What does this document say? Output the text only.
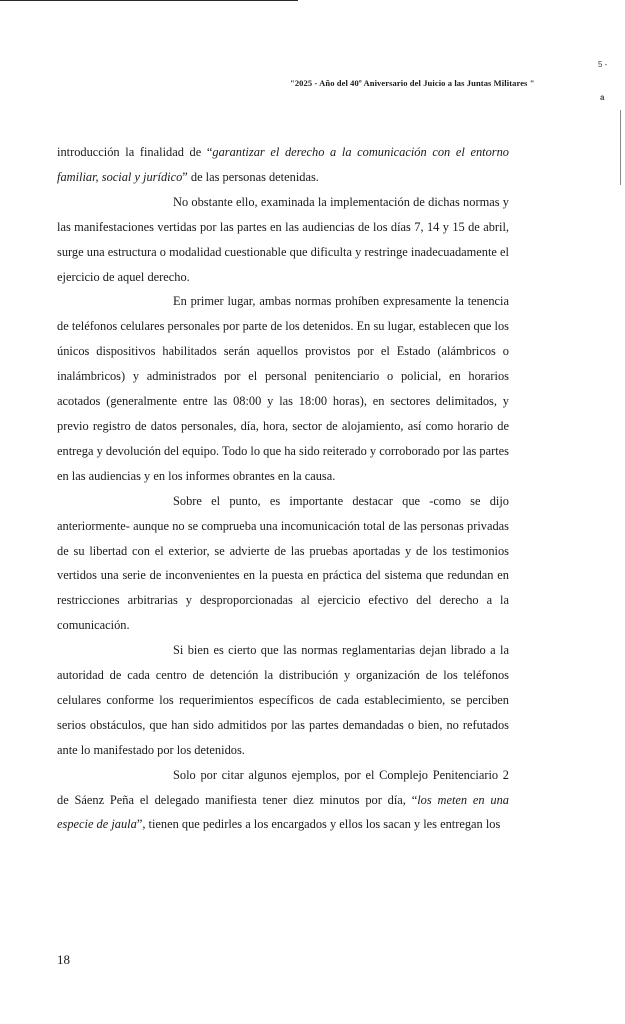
5 -
a
"2025 - Año del 40º Aniversario del Juicio a las Juntas Militares "

introducción la finalidad de “garantizar el derecho a la comunicación con el entorno familiar, social y jurídico” de las personas detenidas.

No obstante ello, examinada la implementación de dichas normas y las manifestaciones vertidas por las partes en las audiencias de los días 7, 14 y 15 de abril, surge una estructura o modalidad cuestionable que dificulta y restringe inadecuadamente el ejercicio de aquel derecho.

En primer lugar, ambas normas prohíben expresamente la tenencia de teléfonos celulares personales por parte de los detenidos. En su lugar, establecen que los únicos dispositivos habilitados serán aquellos provistos por el Estado (alámbricos o inalámbricos) y administrados por el personal penitenciario o policial, en horarios acotados (generalmente entre las 08:00 y las 18:00 horas), en sectores delimitados, y previo registro de datos personales, día, hora, sector de alojamiento, así como horario de entrega y devolución del equipo. Todo lo que ha sido reiterado y corroborado por las partes en las audiencias y en los informes obrantes en la causa.

Sobre el punto, es importante destacar que -como se dijo anteriormente- aunque no se comprueba una incomunicación total de las personas privadas de su libertad con el exterior, se advierte de las pruebas aportadas y de los testimonios vertidos una serie de inconvenientes en la puesta en práctica del sistema que redundan en restricciones arbitrarias y desproporcionadas al ejercicio efectivo del derecho a la comunicación.

Si bien es cierto que las normas reglamentarias dejan librado a la autoridad de cada centro de detención la distribución y organización de los teléfonos celulares conforme los requerimientos específicos de cada establecimiento, se perciben serios obstáculos, que han sido admitidos por las partes demandadas o bien, no refutados ante lo manifestado por los detenidos.

Solo por citar algunos ejemplos, por el Complejo Penitenciario 2 de Sáenz Peña el delegado manifiesta tener diez minutos por día, “los meten en una especie de jaula”, tienen que pedirles a los encargados y ellos los sacan y les entregan los

18
